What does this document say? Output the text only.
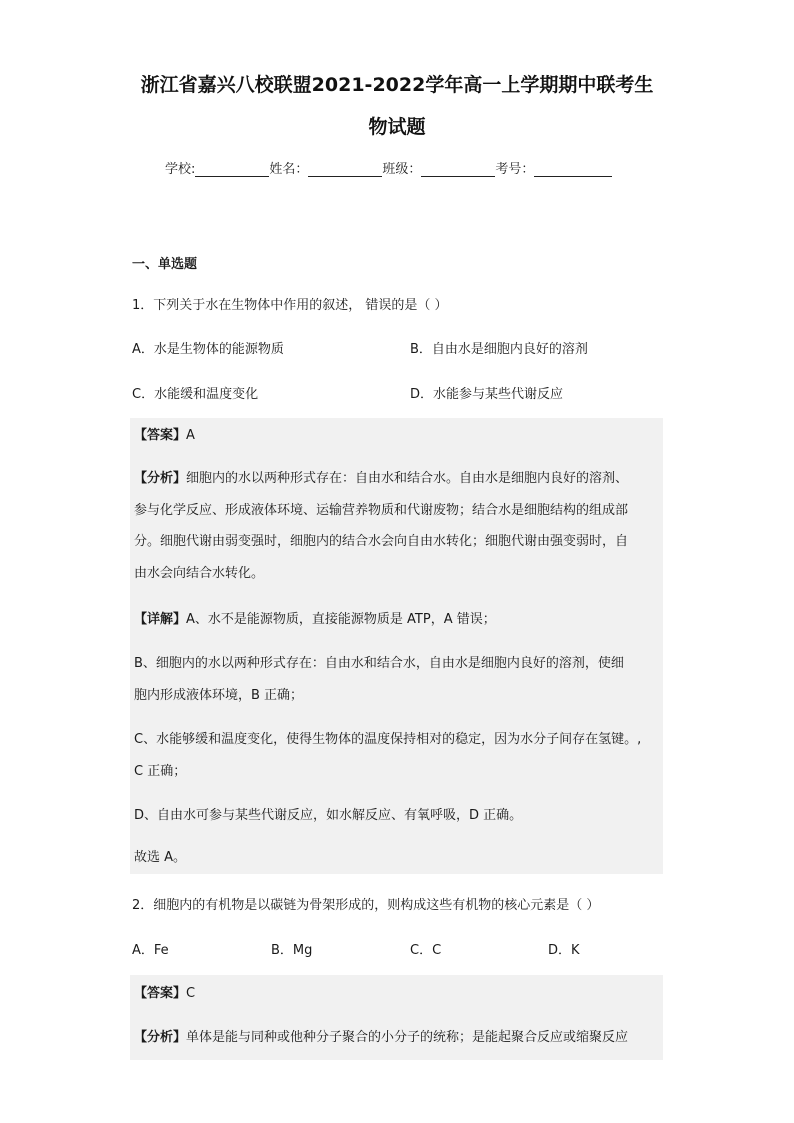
浙江省嘉兴八校联盟2021-2022学年高一上学期期中联考生
物试题
学校:	姓名：	班级：	考号：
一、单选题
1．下列关于水在生物体中作用的叙述， 错误的是（ ）
A．水是生物体的能源物质	B．自由水是细胞内良好的溶剂
C．水能缓和温度变化	D．水能参与某些代谢反应
【答案】A
【分析】细胞内的水以两种形式存在：自由水和结合水。自由水是细胞内良好的溶剂、
参与化学反应、形成液体环境、运输营养物质和代谢废物；结合水是细胞结构的组成部
分。细胞代谢由弱变强时，细胞内的结合水会向自由水转化；细胞代谢由强变弱时，自
由水会向结合水转化。
【详解】A、水不是能源物质，直接能源物质是 ATP，A 错误；
B、细胞内的水以两种形式存在：自由水和结合水，自由水是细胞内良好的溶剂，使细
胞内形成液体环境，B 正确；
C、水能够缓和温度变化，使得生物体的温度保持相对的稳定，因为水分子间存在氢键。,
C 正确；
D、自由水可参与某些代谢反应，如水解反应、有氧呼吸，D 正确。
故选 A。
2．细胞内的有机物是以碳链为骨架形成的，则构成这些有机物的核心元素是（ ）
A．Fe	B．Mg	C．C	D．K
【答案】C
【分析】单体是能与同种或他种分子聚合的小分子的统称；是能起聚合反应或缩聚反应
